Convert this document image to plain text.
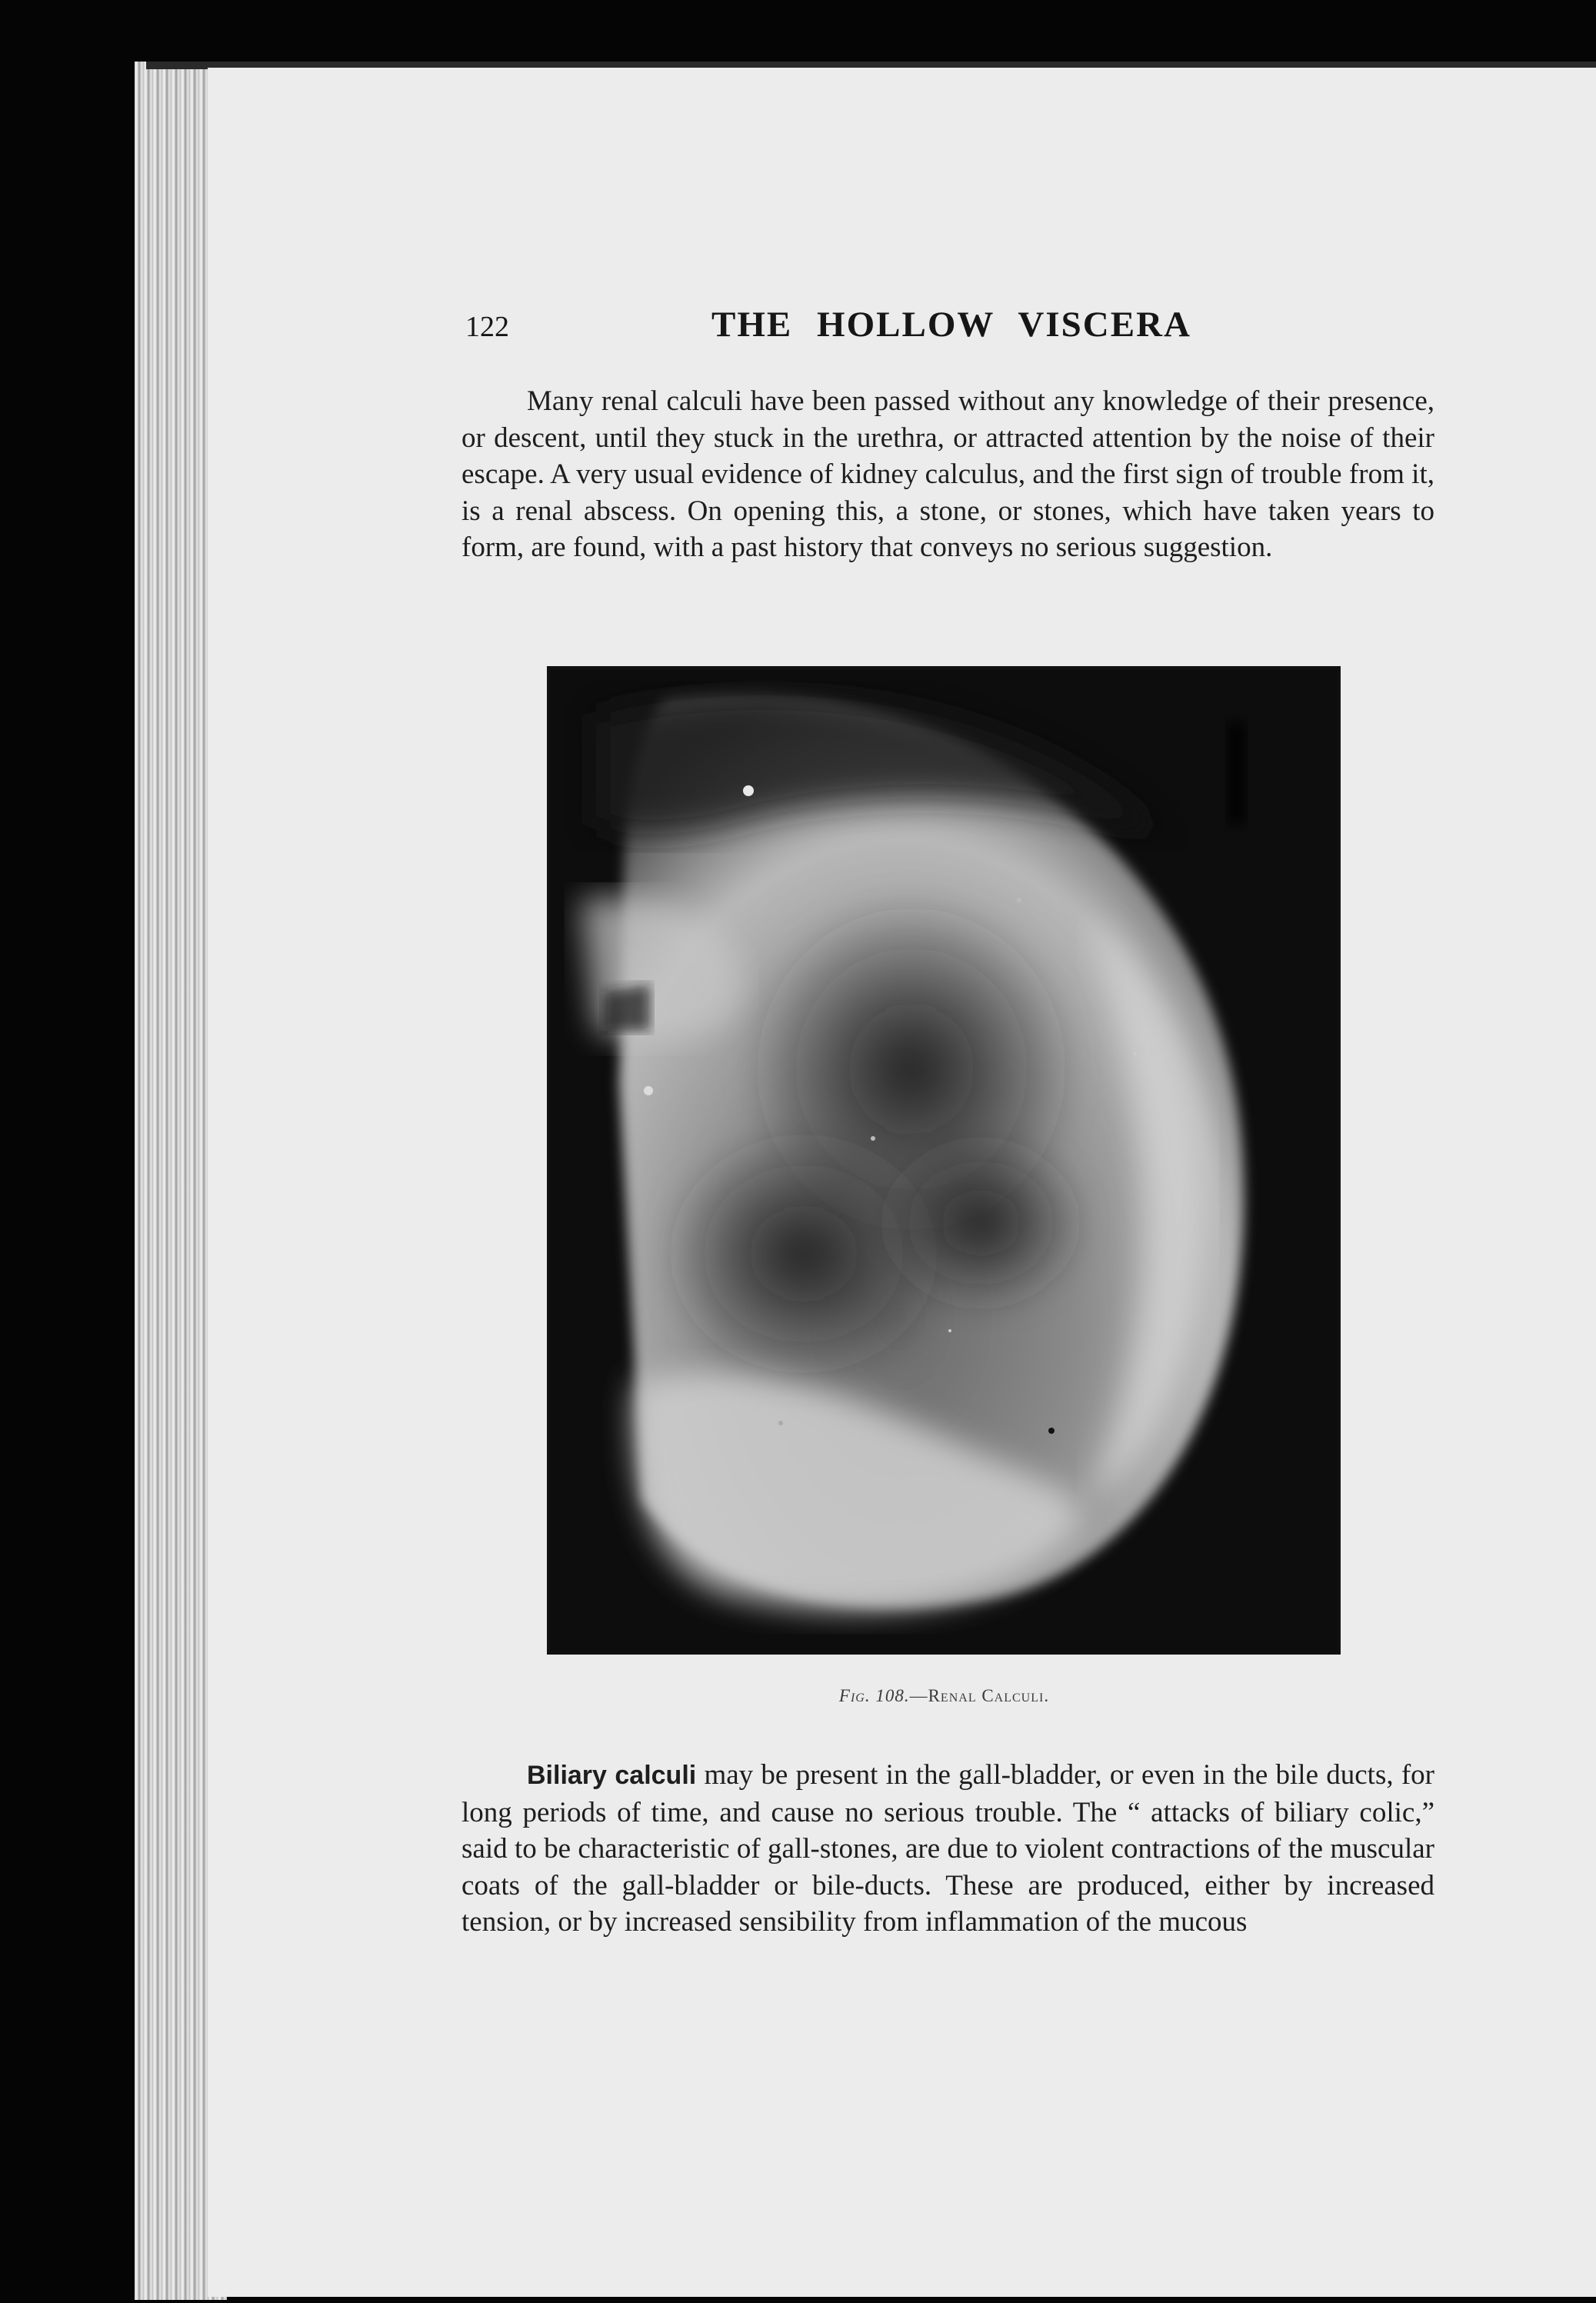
122	THE HOLLOW VISCERA

Many renal calculi have been passed without any knowledge of their presence, or descent, until they stuck in the urethra, or attracted attention by the noise of their escape. A very usual evidence of kidney calculus, and the first sign of trouble from it, is a renal abscess. On opening this, a stone, or stones, which have taken years to form, are found, with a past history that conveys no serious suggestion.

Fig. 108.—Renal Calculi.

Biliary calculi may be present in the gall-bladder, or even in the bile ducts, for long periods of time, and cause no serious trouble. The “ attacks of biliary colic,” said to be characteristic of gall-stones, are due to violent contractions of the muscular coats of the gall-bladder or bile-ducts. These are produced, either by increased tension, or by increased sensibility from inflammation of the mucous
